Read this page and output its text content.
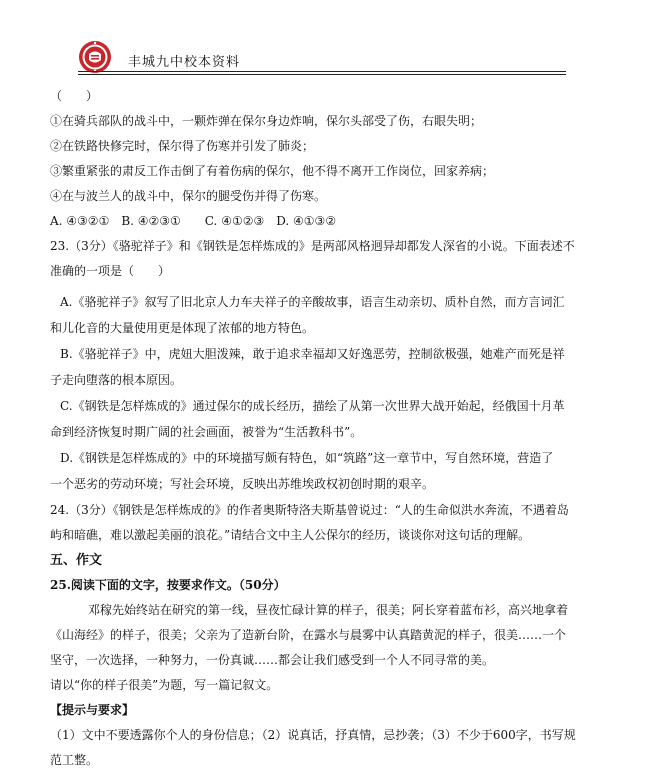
丰城九中校本资料
（　　）
①在骑兵部队的战斗中，一颗炸弹在保尔身边炸响，保尔头部受了伤，右眼失明；
②在铁路快修完时，保尔得了伤寒并引发了肺炎；
③繁重紧张的肃反工作击倒了有着伤病的保尔，他不得不离开工作岗位，回家养病；
④在与波兰人的战斗中，保尔的腿受伤并得了伤寒。
A. ④③②①　B. ④②③①　　C. ④①②③　D. ④①③②
23.（3分）《骆驼祥子》和《钢铁是怎样炼成的》是两部风格迥异却都发人深省的小说。下面表述不
准确的一项是（　　）
A.《骆驼祥子》叙写了旧北京人力车夫祥子的辛酸故事，语言生动亲切、质朴自然，而方言词汇
和儿化音的大量使用更是体现了浓郁的地方特色。
B.《骆驼祥子》中，虎妞大胆泼辣，敢于追求幸福却又好逸恶劳，控制欲极强，她难产而死是祥
子走向堕落的根本原因。
C.《钢铁是怎样炼成的》通过保尔的成长经历，描绘了从第一次世界大战开始起，经俄国十月革
命到经济恢复时期广阔的社会画面，被誉为“生活教科书”。
D.《钢铁是怎样炼成的》中的环境描写颇有特色，如“筑路”这一章节中，写自然环境，营造了
一个恶劣的劳动环境；写社会环境，反映出苏维埃政权初创时期的艰辛。
24.（3分）《钢铁是怎样炼成的》的作者奥斯特洛夫斯基曾说过：“人的生命似洪水奔流，不遇着岛
屿和暗礁，难以激起美丽的浪花。”请结合文中主人公保尔的经历，谈谈你对这句话的理解。
五、作文
25.阅读下面的文字，按要求作文。（50分）
邓稼先始终站在研究的第一线，昼夜忙碌计算的样子，很美；阿长穿着蓝布衫，高兴地拿着
《山海经》的样子，很美；父亲为了造新台阶，在露水与晨雾中认真踏黄泥的样子，很美……一个
坚守，一次选择，一种努力，一份真诚……都会让我们感受到一个人不同寻常的美。
请以“你的样子很美”为题，写一篇记叙文。
【提示与要求】
（1）文中不要透露你个人的身份信息；（2）说真话，抒真情，忌抄袭；（3）不少于600字，书写规
范工整。
